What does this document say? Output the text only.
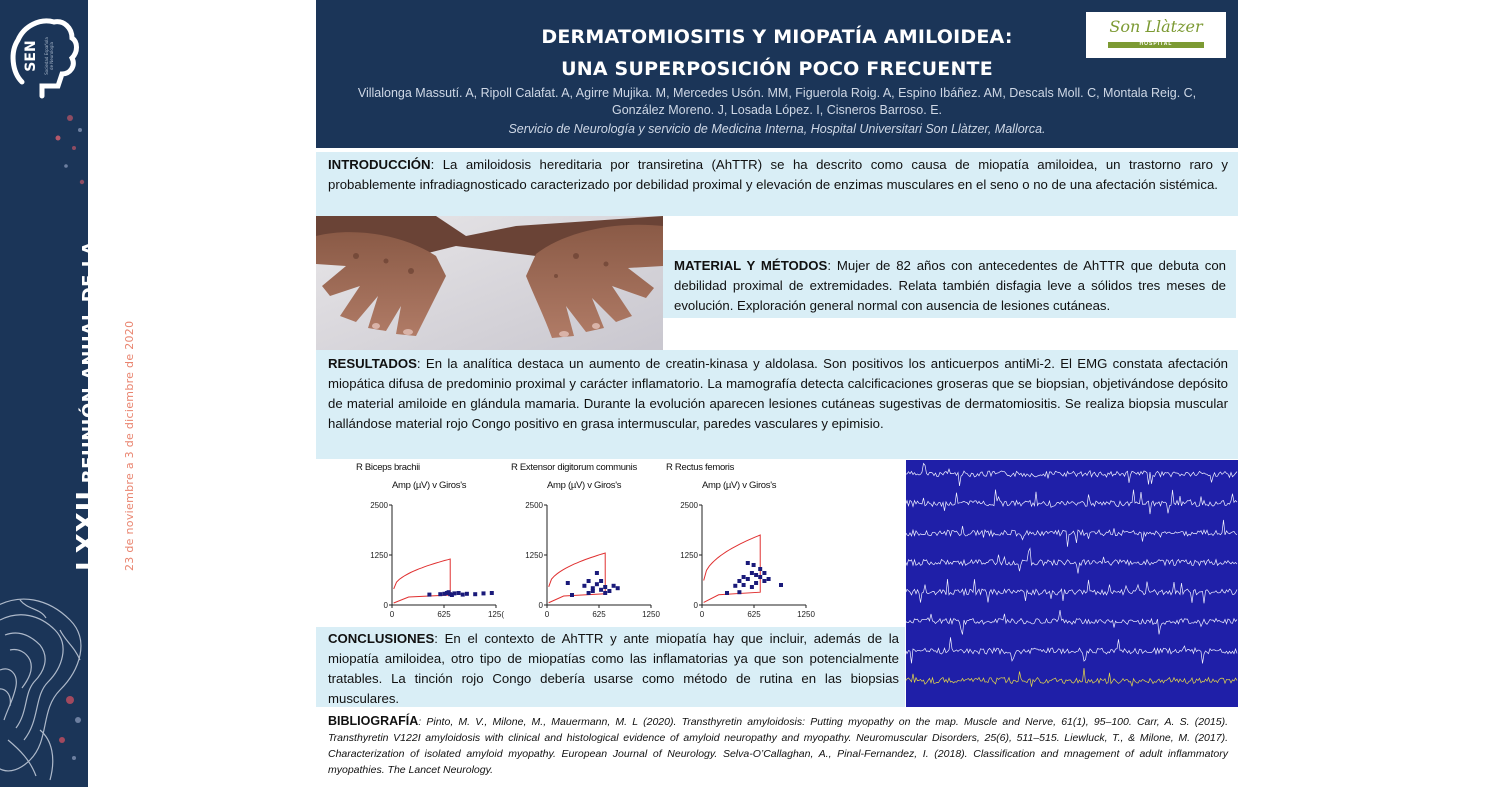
SEN Sociedad Española de Neurología
LXXII REUNIÓN ANUAL DE LA SOCIEDAD ESPAÑOLA DE NEUROLOGÍA 23 de noviembre a 3 de diciembre de 2020
DERMATOMIOSITIS Y MIOPATÍA AMILOIDEA:
UNA SUPERPOSICIÓN POCO FRECUENTE
Villalonga Massutí. A, Ripoll Calafat. A, Agirre Mujika. M, Mercedes Usón. MM, Figuerola Roig. A, Espino Ibáñez. AM, Descals Moll. C, Montala Reig. C, González Moreno. J, Losada López. I, Cisneros Barroso. E.
Servicio de Neurología y servicio de Medicina Interna, Hospital Universitari Son Llàtzer, Mallorca.
Son Llàtzer
HOSPITAL
INTRODUCCIÓN: La amiloidosis hereditaria por transiretina (AhTTR) se ha descrito como causa de miopatía amiloidea, un trastorno raro y probablemente infradiagnosticado caracterizado por debilidad proximal y elevación de enzimas musculares en el seno o no de una afectación sistémica.
MATERIAL Y MÉTODOS: Mujer de 82 años con antecedentes de AhTTR que debuta con debilidad proximal de extremidades. Relata también disfagia leve a sólidos tres meses de evolución. Exploración general normal con ausencia de lesiones cutáneas.
RESULTADOS: En la analítica destaca un aumento de creatin-kinasa y aldolasa. Son positivos los anticuerpos antiMi-2. El EMG constata afectación miopática difusa de predominio proximal y carácter inflamatorio. La mamografía detecta calcificaciones groseras que se biopsian, objetivándose depósito de material amiloide en glándula mamaria. Durante la evolución aparecen lesiones cutáneas sugestivas de dermatomiositis. Se realiza biopsia muscular hallándose material rojo Congo positivo en grasa intermuscular, paredes vasculares y epimisio.
R Biceps brachii
Amp (µV) v Giros's
0
1250
2500
0	625	125(
R Extensor digitorum communis
Amp (µV) v Giros's
0
1250
2500
0	625	1250
R Rectus femoris
Amp (µV) v Giros's
0
1250
2500
0	625	1250
CONCLUSIONES: En el contexto de AhTTR y ante miopatía hay que incluir, además de la miopatía amiloidea, otro tipo de miopatías como las inflamatorias ya que son potencialmente tratables. La tinción rojo Congo debería usarse como método de rutina en las biopsias musculares.
BIBLIOGRAFÍA: Pinto, M. V., Milone, M., Mauermann, M. L (2020). Transthyretin amyloidosis: Putting myopathy on the map. Muscle and Nerve, 61(1), 95–100. Carr, A. S. (2015). Transthyretin V122I amyloidosis with clinical and histological evidence of amyloid neuropathy and myopathy. Neuromuscular Disorders, 25(6), 511–515. Liewluck, T., & Milone, M. (2017). Characterization of isolated amyloid myopathy. European Journal of Neurology. Selva-O’Callaghan, A., Pinal-Fernandez, I. (2018). Classification and mnagement of adult inflammatory myopathies. The Lancet Neurology.
